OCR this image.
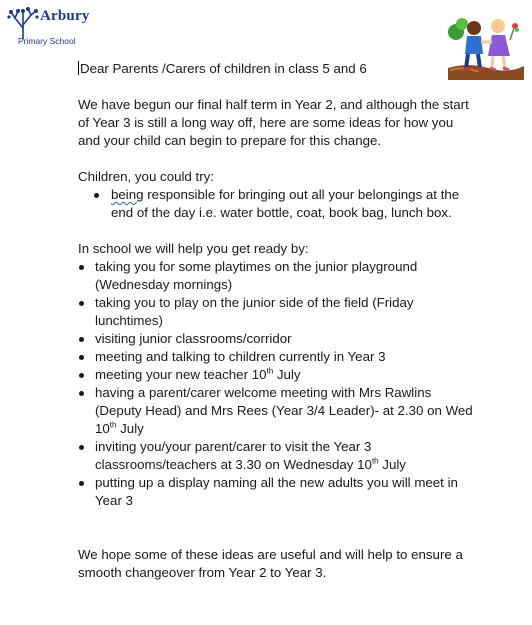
Arbury
Primary School

Dear Parents /Carers of children in class 5 and 6

We have begun our final half term in Year 2, and although the start of Year 3 is still a long way off, here are some ideas for how you and your child can begin to prepare for this change.

Children, you could try:

being responsible for bringing out all your belongings at the end of the day i.e. water bottle, coat, book bag, lunch box.

In school we will help you get ready by:

taking you for some playtimes on the junior playground (Wednesday mornings)
taking you to play on the junior side of the field (Friday lunchtimes)
visiting junior classrooms/corridor
meeting and talking to children currently in Year 3
meeting your new teacher 10th July
having a parent/carer welcome meeting with Mrs Rawlins (Deputy Head) and Mrs Rees (Year 3/4 Leader)- at 2.30 on Wed 10th July
inviting you/your parent/carer to visit the Year 3 classrooms/teachers at 3.30 on Wednesday 10th July
putting up a display naming all the new adults you will meet in Year 3

We hope some of these ideas are useful and will help to ensure a smooth changeover from Year 2 to Year 3.
